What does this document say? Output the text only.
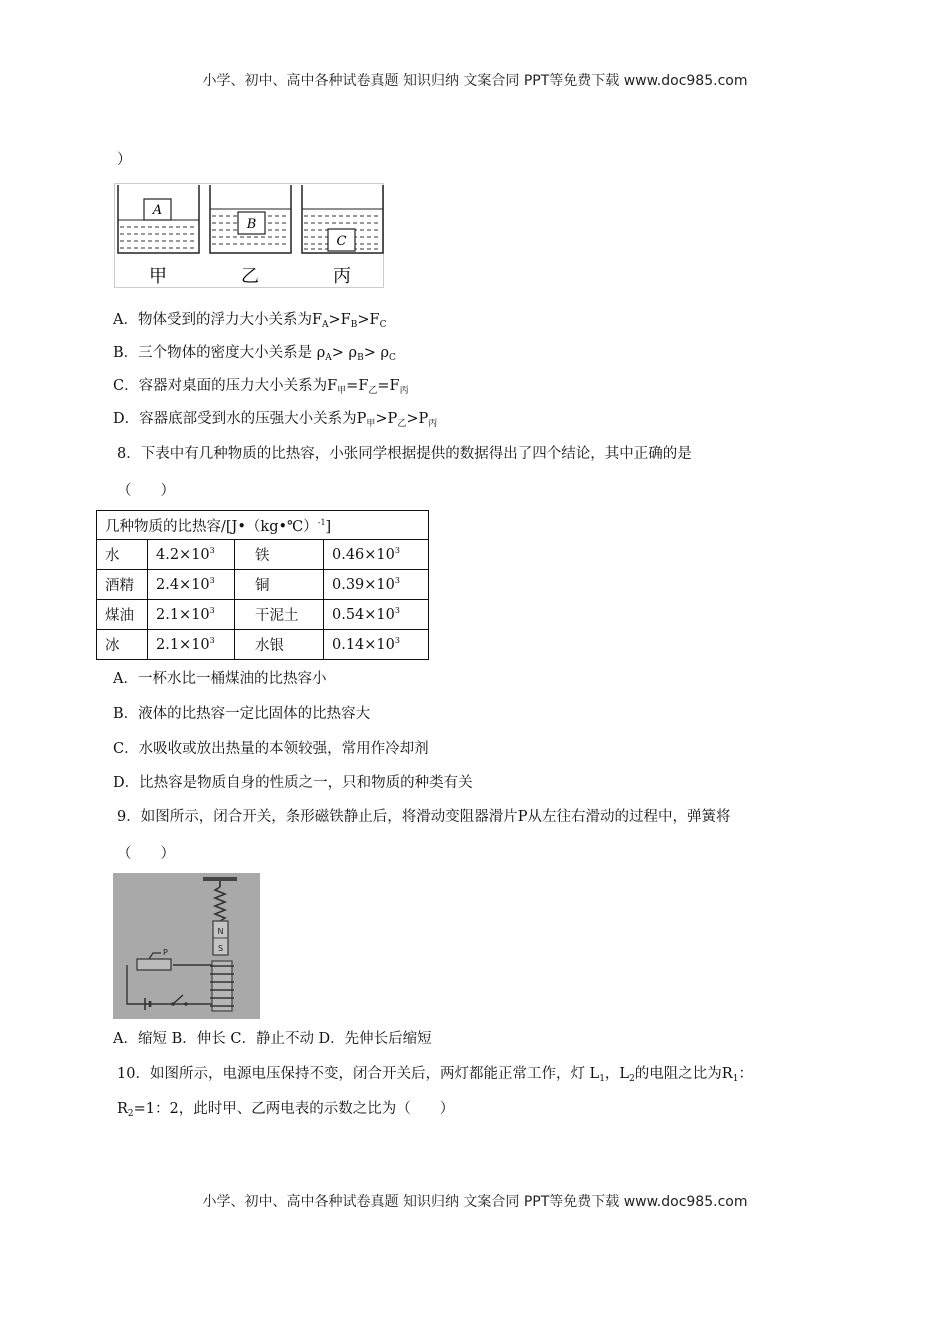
小学、初中、高中各种试卷真题 知识归纳 文案合同 PPT等免费下载 www.doc985.com
）
A
B
C
甲	乙	丙
A．物体受到的浮力大小关系为$F_A>F_B>F_C$
B．三个物体的密度大小关系是 $\rho_A> \rho_B> \rho_C$
C．容器对桌面的压力大小关系为$F_甲=F_乙=F_丙$
D．容器底部受到水的压强大小关系为$P_甲>P_乙>P_丙$
8．下表中有几种物质的比热容，小张同学根据提供的数据得出了四个结论，其中正确的是
（　　）
几种物质的比热容/[J•（kg•℃）$^{-1}$]			
水	$4.2\times 10^3$	铁	$0.46\times 10^3$
酒精	$2.4\times 10^3$	铜	$0.39\times 10^3$
煤油	$2.1\times 10^3$	干泥土	$0.54\times 10^3$
冰	$2.1\times 10^3$	水银	$0.14\times 10^3$
A．一杯水比一桶煤油的比热容小
B．液体的比热容一定比固体的比热容大
C．水吸收或放出热量的本领较强，常用作冷却剂
D．比热容是物质自身的性质之一，只和物质的种类有关
9．如图所示，闭合开关，条形磁铁静止后，将滑动变阻器滑片P从左往右滑动的过程中，弹簧将
（　　）
N
S
P
A．缩短 B．伸长 C．静止不动 D．先伸长后缩短
10．如图所示，电源电压保持不变，闭合开关后，两灯都能正常工作，灯 $L_1$，$L_2$的电阻之比为$R_1$：
$R_2=1$：2，此时甲、乙两电表的示数之比为（　　）
小学、初中、高中各种试卷真题 知识归纳 文案合同 PPT等免费下载 www.doc985.com
